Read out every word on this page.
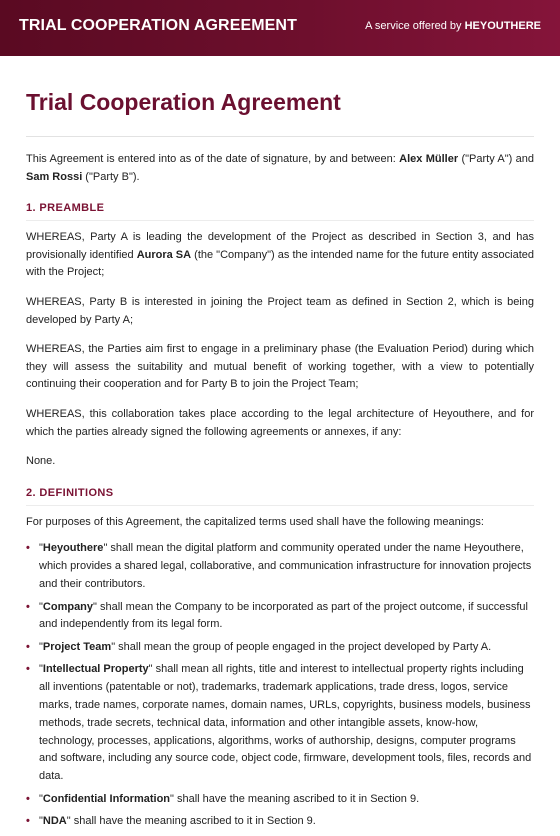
TRIAL COOPERATION AGREEMENT	A service offered by HEYOUTHERE
Trial Cooperation Agreement

This Agreement is entered into as of the date of signature, by and between: Alex Müller ("Party A") and Sam Rossi ("Party B").

1. PREAMBLE

WHEREAS, Party A is leading the development of the Project as described in Section 3, and has provisionally identified Aurora SA (the "Company") as the intended name for the future entity associated with the Project;

WHEREAS, Party B is interested in joining the Project team as defined in Section 2, which is being developed by Party A;

WHEREAS, the Parties aim first to engage in a preliminary phase (the Evaluation Period) during which they will assess the suitability and mutual benefit of working together, with a view to potentially continuing their cooperation and for Party B to join the Project Team;

WHEREAS, this collaboration takes place according to the legal architecture of Heyouthere, and for which the parties already signed the following agreements or annexes, if any:

None.

2. DEFINITIONS

For purposes of this Agreement, the capitalized terms used shall have the following meanings:

• "Heyouthere" shall mean the digital platform and community operated under the name Heyouthere, which provides a shared legal, collaborative, and communication infrastructure for innovation projects and their contributors.
• "Company" shall mean the Company to be incorporated as part of the project outcome, if successful and independently from its legal form.
• "Project Team" shall mean the group of people engaged in the project developed by Party A.
• "Intellectual Property" shall mean all rights, title and interest to intellectual property rights including all inventions (patentable or not), trademarks, trademark applications, trade dress, logos, service marks, trade names, corporate names, domain names, URLs, copyrights, business models, business methods, trade secrets, technical data, information and other intangible assets, know-how, technology, processes, applications, algorithms, works of authorship, designs, computer programs and software, including any source code, object code, firmware, development tools, files, records and data.
• "Confidential Information" shall have the meaning ascribed to it in Section 9.
• "NDA" shall have the meaning ascribed to it in Section 9.
